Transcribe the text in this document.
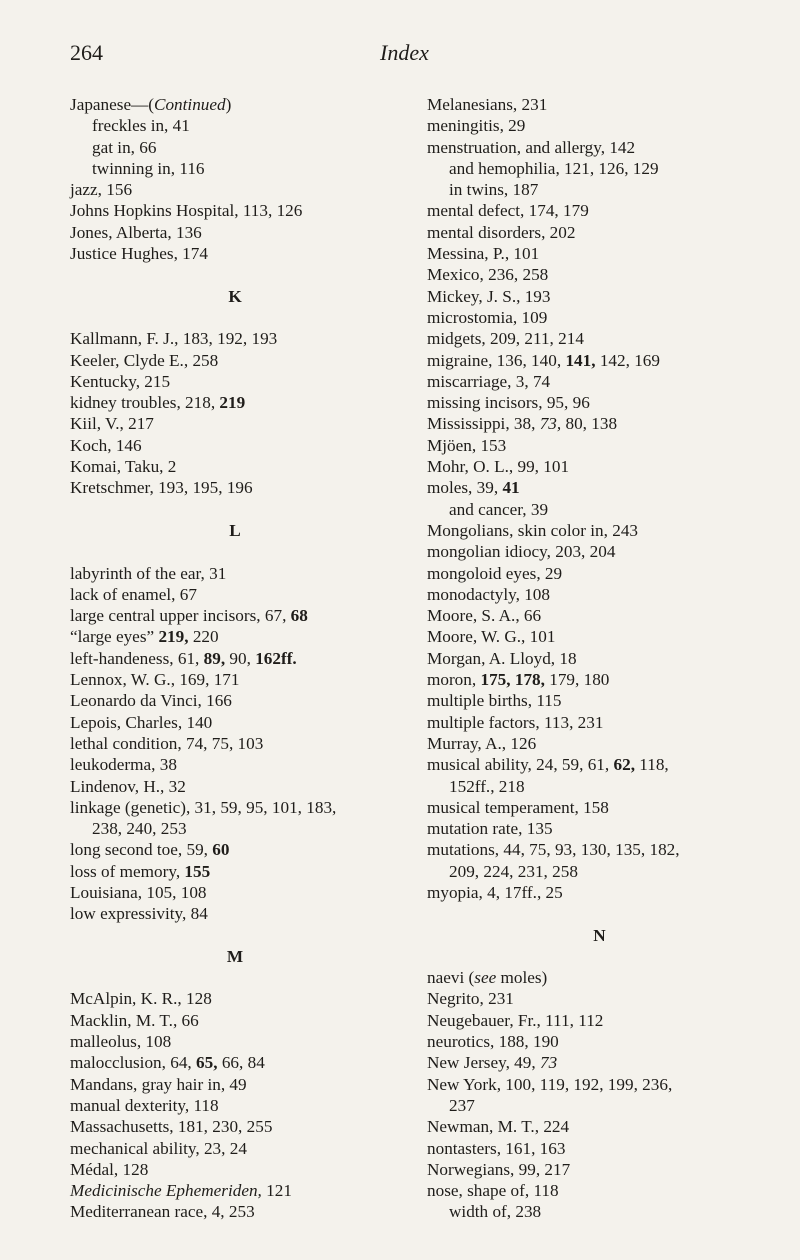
264	Index
Japanese—(Continued)
freckles in, 41
gat in, 66
twinning in, 116
jazz, 156
Johns Hopkins Hospital, 113, 126
Jones, Alberta, 136
Justice Hughes, 174
K
Kallmann, F. J., 183, 192, 193
Keeler, Clyde E., 258
Kentucky, 215
kidney troubles, 218, 219
Kiil, V., 217
Koch, 146
Komai, Taku, 2
Kretschmer, 193, 195, 196
L
labyrinth of the ear, 31
lack of enamel, 67
large central upper incisors, 67, 68
“large eyes” 219, 220
left-handeness, 61, 89, 90, 162ff.
Lennox, W. G., 169, 171
Leonardo da Vinci, 166
Lepois, Charles, 140
lethal condition, 74, 75, 103
leukoderma, 38
Lindenov, H., 32
linkage (genetic), 31, 59, 95, 101, 183,
238, 240, 253
long second toe, 59, 60
loss of memory, 155
Louisiana, 105, 108
low expressivity, 84
M
McAlpin, K. R., 128
Macklin, M. T., 66
malleolus, 108
malocclusion, 64, 65, 66, 84
Mandans, gray hair in, 49
manual dexterity, 118
Massachusetts, 181, 230, 255
mechanical ability, 23, 24
Médal, 128
Medicinische Ephemeriden, 121
Mediterranean race, 4, 253
Melanesians, 231
meningitis, 29
menstruation, and allergy, 142
and hemophilia, 121, 126, 129
in twins, 187
mental defect, 174, 179
mental disorders, 202
Messina, P., 101
Mexico, 236, 258
Mickey, J. S., 193
microstomia, 109
midgets, 209, 211, 214
migraine, 136, 140, 141, 142, 169
miscarriage, 3, 74
missing incisors, 95, 96
Mississippi, 38, 73, 80, 138
Mjöen, 153
Mohr, O. L., 99, 101
moles, 39, 41
and cancer, 39
Mongolians, skin color in, 243
mongolian idiocy, 203, 204
mongoloid eyes, 29
monodactyly, 108
Moore, S. A., 66
Moore, W. G., 101
Morgan, A. Lloyd, 18
moron, 175, 178, 179, 180
multiple births, 115
multiple factors, 113, 231
Murray, A., 126
musical ability, 24, 59, 61, 62, 118,
152ff., 218
musical temperament, 158
mutation rate, 135
mutations, 44, 75, 93, 130, 135, 182,
209, 224, 231, 258
myopia, 4, 17ff., 25
N
naevi (see moles)
Negrito, 231
Neugebauer, Fr., 111, 112
neurotics, 188, 190
New Jersey, 49, 73
New York, 100, 119, 192, 199, 236,
237
Newman, M. T., 224
nontasters, 161, 163
Norwegians, 99, 217
nose, shape of, 118
width of, 238
